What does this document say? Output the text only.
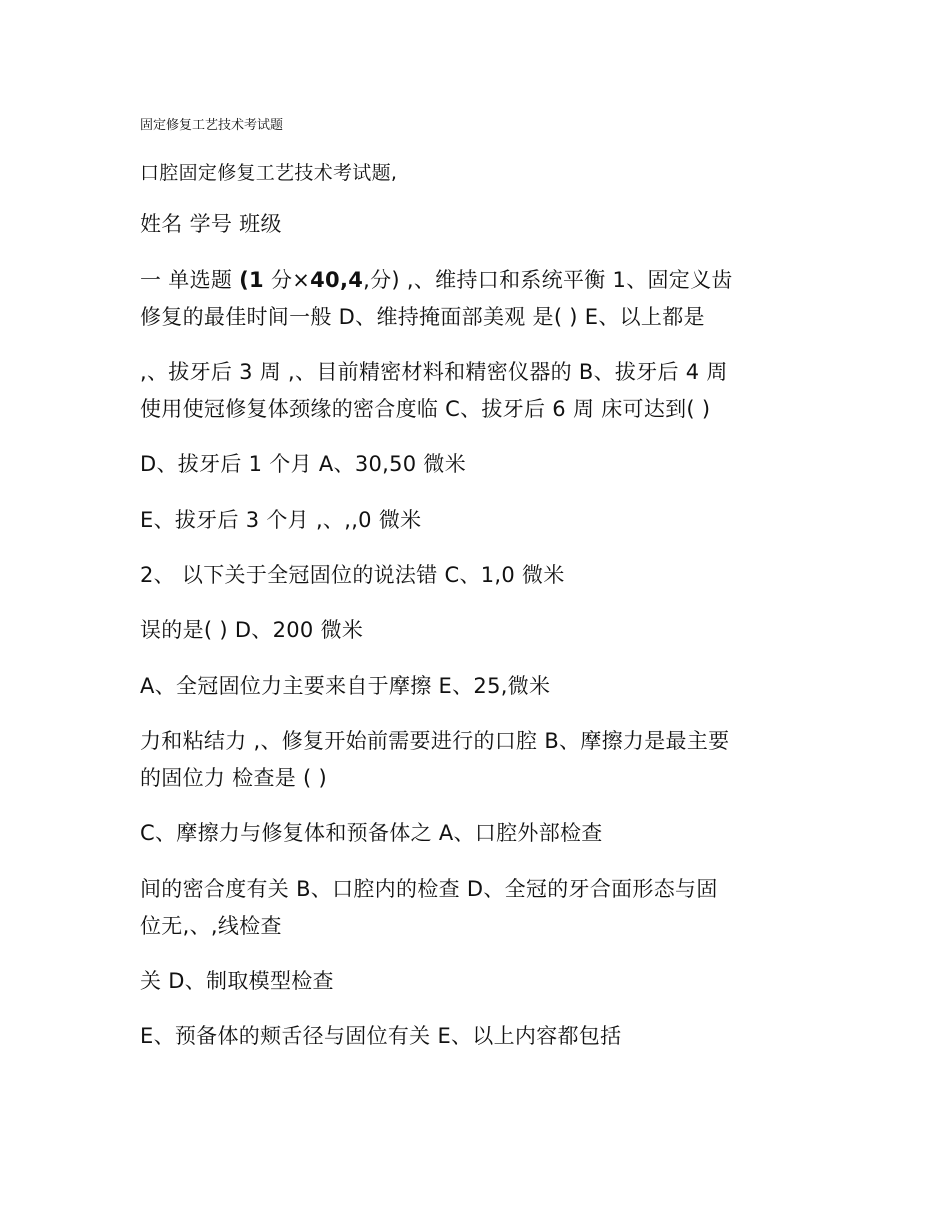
固定修复工艺技术考试题
口腔固定修复工艺技术考试题,
姓名 学号 班级
一 单选题 (1 分×40,4,分) ,、维持口和系统平衡 1、固定义齿
修复的最佳时间一般 D、维持掩面部美观 是( ) E、以上都是
,、拔牙后 3 周 ,、目前精密材料和精密仪器的 B、拔牙后 4 周
使用使冠修复体颈缘的密合度临 C、拔牙后 6 周 床可达到( )
D、拔牙后 1 个月 A、30,50 微米
E、拔牙后 3 个月 ,、,,0 微米
2、 以下关于全冠固位的说法错 C、1,0 微米
误的是( ) D、200 微米
A、全冠固位力主要来自于摩擦 E、25,微米
力和粘结力 ,、修复开始前需要进行的口腔 B、摩擦力是最主要
的固位力 检查是 ( )
C、摩擦力与修复体和预备体之 A、口腔外部检查
间的密合度有关 B、口腔内的检查 D、全冠的牙合面形态与固
位无,、,线检查
关 D、制取模型检查
E、预备体的颊舌径与固位有关 E、以上内容都包括
